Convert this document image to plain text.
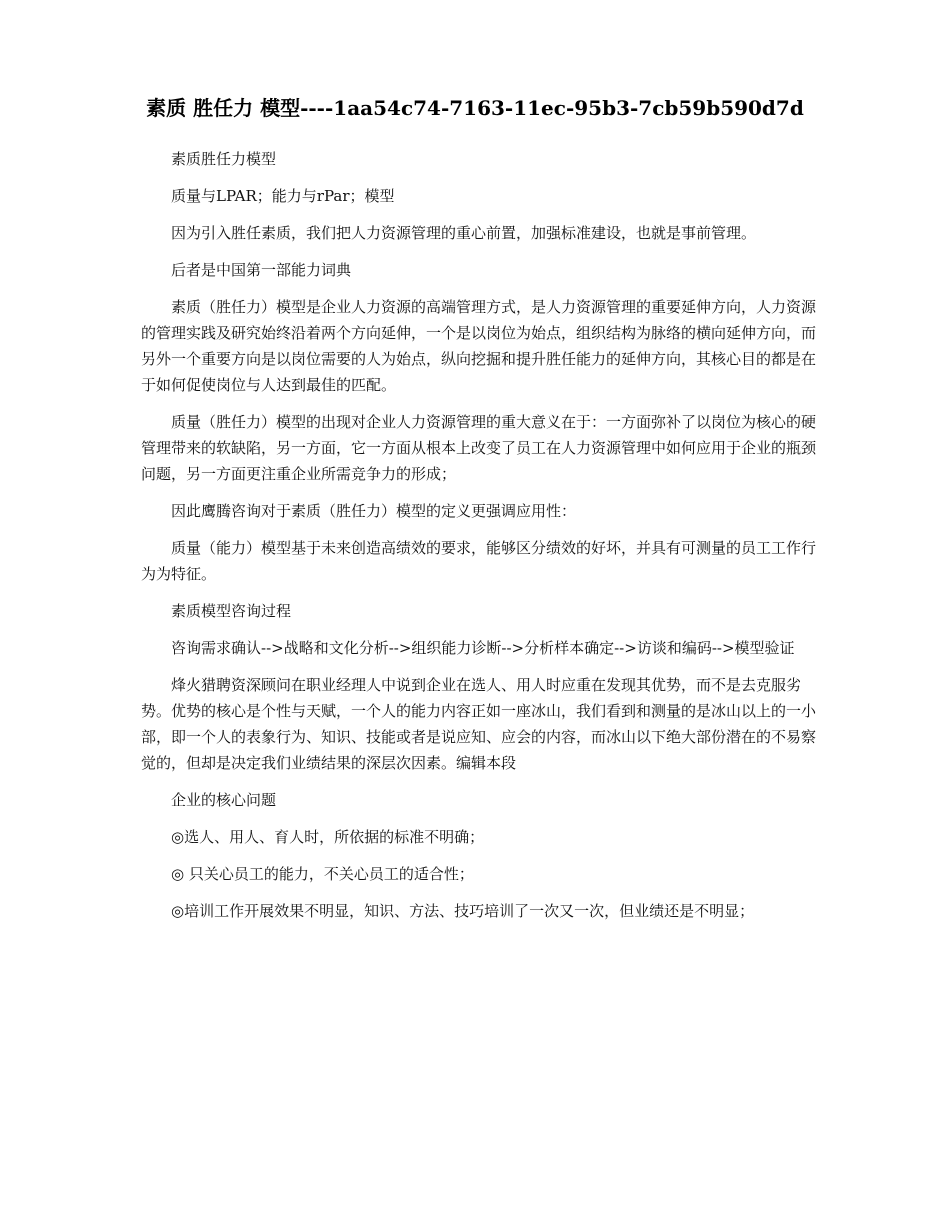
素质 胜任力 模型----1aa54c74-7163-11ec-95b3-7cb59b590d7d

素质胜任力模型

质量与LPAR；能力与rPar；模型

因为引入胜任素质，我们把人力资源管理的重心前置，加强标准建设，也就是事前管理。

后者是中国第一部能力词典

素质（胜任力）模型是企业人力资源的高端管理方式，是人力资源管理的重要延伸方向，人力资源的管理实践及研究始终沿着两个方向延伸，一个是以岗位为始点，组织结构为脉络的横向延伸方向，而另外一个重要方向是以岗位需要的人为始点，纵向挖掘和提升胜任能力的延伸方向，其核心目的都是在于如何促使岗位与人达到最佳的匹配。

质量（胜任力）模型的出现对企业人力资源管理的重大意义在于：一方面弥补了以岗位为核心的硬管理带来的软缺陷，另一方面，它一方面从根本上改变了员工在人力资源管理中如何应用于企业的瓶颈问题，另一方面更注重企业所需竞争力的形成；

因此鹰腾咨询对于素质（胜任力）模型的定义更强调应用性：

质量（能力）模型基于未来创造高绩效的要求，能够区分绩效的好坏，并具有可测量的员工工作行为为特征。

素质模型咨询过程

咨询需求确认-->战略和文化分析-->组织能力诊断-->分析样本确定-->访谈和编码-->模型验证

烽火猎聘资深顾问在职业经理人中说到企业在选人、用人时应重在发现其优势，而不是去克服劣势。优势的核心是个性与天赋，一个人的能力内容正如一座冰山，我们看到和测量的是冰山以上的一小部，即一个人的表象行为、知识、技能或者是说应知、应会的内容，而冰山以下绝大部份潜在的不易察觉的，但却是决定我们业绩结果的深层次因素。编辑本段

企业的核心问题

◎选人、用人、育人时，所依据的标准不明确；

◎ 只关心员工的能力，不关心员工的适合性；

◎培训工作开展效果不明显，知识、方法、技巧培训了一次又一次，但业绩还是不明显；
